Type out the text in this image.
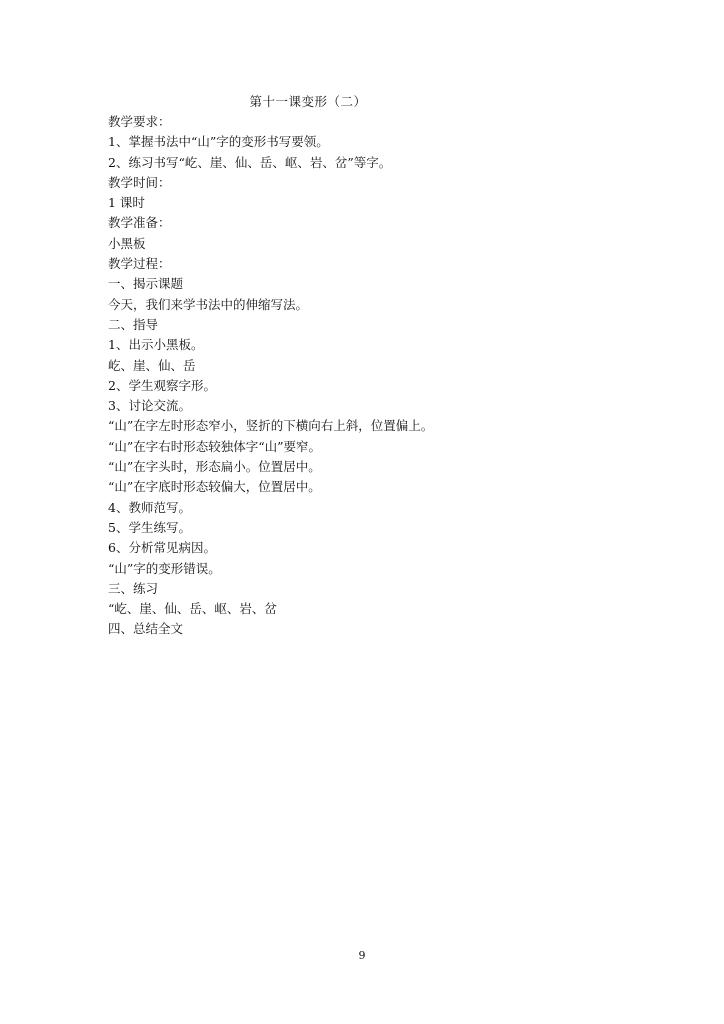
第十一课变形（二）
教学要求：
1、掌握书法中“山”字的变形书写要领。
2、练习书写“屹、崖、仙、岳、岖、岩、岔”等字。
教学时间：
1 课时
教学准备：
小黑板
教学过程：
一、揭示课题
今天，我们来学书法中的伸缩写法。
二、指导
1、出示小黑板。
屹、崖、仙、岳
2、学生观察字形。
3、讨论交流。
“山”在字左时形态窄小，竖折的下横向右上斜，位置偏上。
“山”在字右时形态较独体字“山”要窄。
“山”在字头时，形态扁小。位置居中。
“山”在字底时形态较偏大，位置居中。
4、教师范写。
5、学生练写。
6、分析常见病因。
“山”字的变形错误。
三、练习
“屹、崖、仙、岳、岖、岩、岔
四、总结全文
9
